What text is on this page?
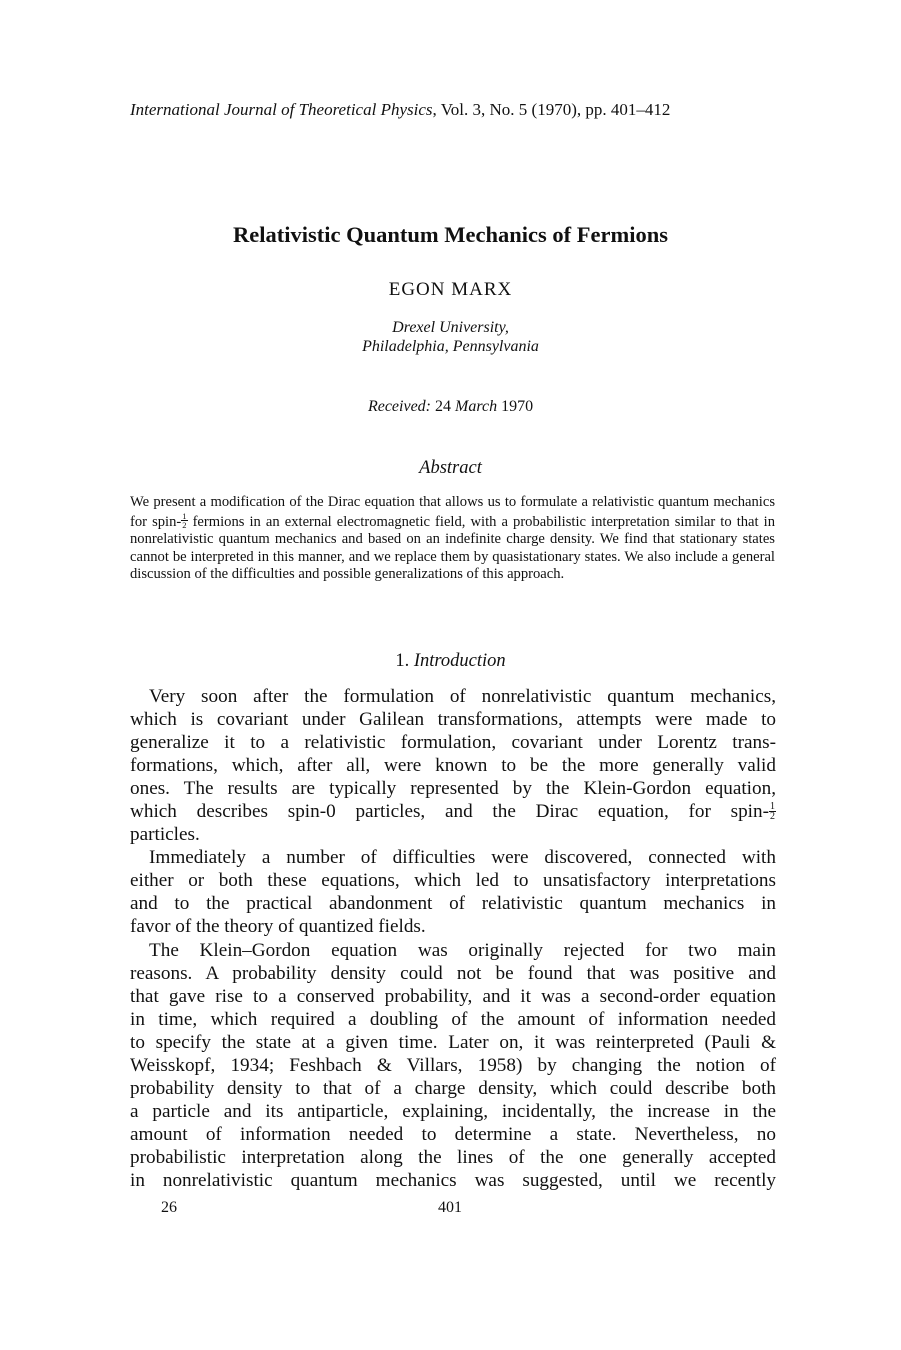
International Journal of Theoretical Physics, Vol. 3, No. 5 (1970), pp. 401–412
Relativistic Quantum Mechanics of Fermions
EGON MARX
Drexel University,
Philadelphia, Pennsylvania
Received: 24 March 1970
Abstract
We present a modification of the Dirac equation that allows us to formulate a relativistic quantum mechanics for spin- $\frac{1}{2}$ fermions in an external electromagnetic field, with a probabilistic interpretation similar to that in nonrelativistic quantum mechanics and based on an indefinite charge density. We find that stationary states cannot be interpreted in this manner, and we replace them by quasistationary states. We also include a general discussion of the difficulties and possible generalizations of this approach.
1. Introduction
Very soon after the formulation of nonrelativistic quantum mechanics,
which is covariant under Galilean transformations, attempts were made to
generalize it to a relativistic formulation, covariant under Lorentz trans-
formations, which, after all, were known to be the more generally valid
ones. The results are typically represented by the Klein-Gordon equation,
which describes spin-0 particles, and the Dirac equation, for spin- $\frac{1}{2}$
particles.
Immediately a number of difficulties were discovered, connected with
either or both these equations, which led to unsatisfactory interpretations
and to the practical abandonment of relativistic quantum mechanics in
favor of the theory of quantized fields.
The Klein–Gordon equation was originally rejected for two main
reasons. A probability density could not be found that was positive and
that gave rise to a conserved probability, and it was a second-order equation
in time, which required a doubling of the amount of information needed
to specify the state at a given time. Later on, it was reinterpreted (Pauli &
Weisskopf, 1934; Feshbach & Villars, 1958) by changing the notion of
probability density to that of a charge density, which could describe both
a particle and its antiparticle, explaining, incidentally, the increase in the
amount of information needed to determine a state. Nevertheless, no
probabilistic interpretation along the lines of the one generally accepted
in nonrelativistic quantum mechanics was suggested, until we recently
26	401
